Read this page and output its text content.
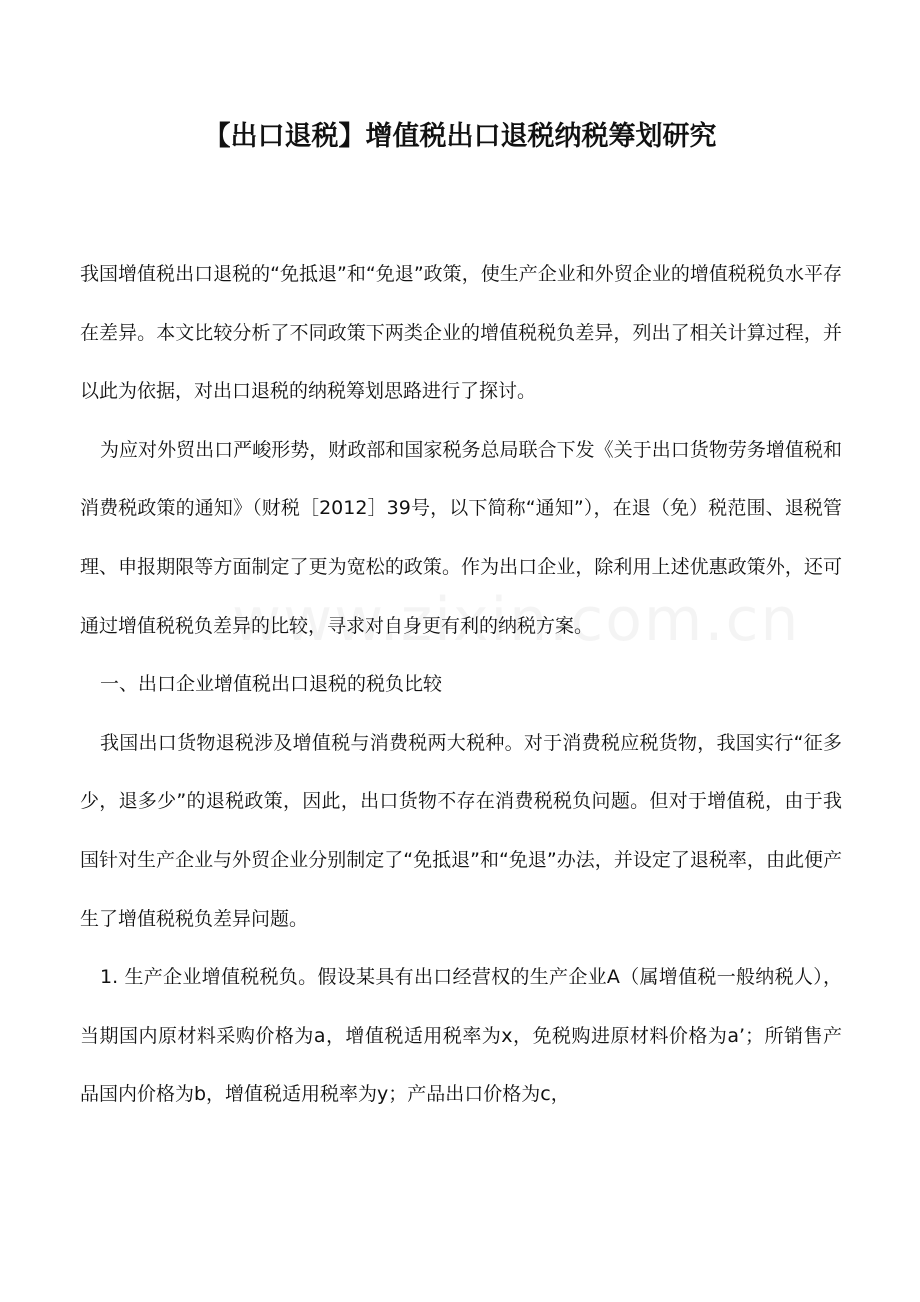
【出口退税】增值税出口退税纳税筹划研究

我国增值税出口退税的“免抵退”和“免退”政策，使生产企业和外贸企业的增值税税负水平存在差异。本文比较分析了不同政策下两类企业的增值税税负差异，列出了相关计算过程，并以此为依据，对出口退税的纳税筹划思路进行了探讨。

为应对外贸出口严峻形势，财政部和国家税务总局联合下发《关于出口货物劳务增值税和消费税政策的通知》（财税［2012］39号，以下简称“通知”），在退（免）税范围、退税管理、申报期限等方面制定了更为宽松的政策。作为出口企业，除利用上述优惠政策外，还可通过增值税税负差异的比较，寻求对自身更有利的纳税方案。

一、出口企业增值税出口退税的税负比较

我国出口货物退税涉及增值税与消费税两大税种。对于消费税应税货物，我国实行“征多少，退多少”的退税政策，因此，出口货物不存在消费税税负问题。但对于增值税，由于我国针对生产企业与外贸企业分别制定了“免抵退”和“免退”办法，并设定了退税率，由此便产生了增值税税负差异问题。

1. 生产企业增值税税负。假设某具有出口经营权的生产企业A（属增值税一般纳税人），当期国内原材料采购价格为a，增值税适用税率为x，免税购进原材料价格为a’；所销售产品国内价格为b，增值税适用税率为y；产品出口价格为c，
